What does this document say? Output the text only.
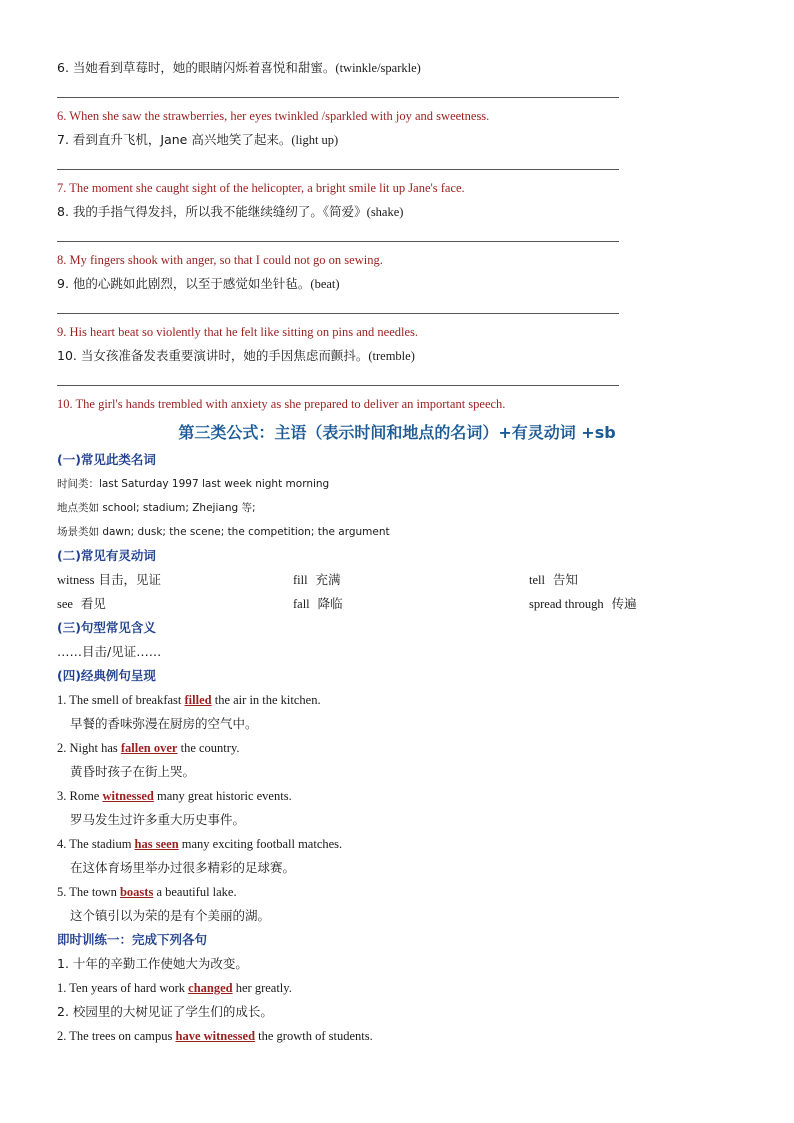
6. 当她看到草莓时，她的眼睛闪烁着喜悦和甜蜜。(twinkle/sparkle)
6. When she saw the strawberries, her eyes twinkled /sparkled with joy and sweetness.
7. 看到直升飞机，Jane 高兴地笑了起来。(light up)
7. The moment she caught sight of the helicopter, a bright smile lit up Jane's face.
8. 我的手指气得发抖，所以我不能继续缝纫了。《简爱》(shake)
8. My fingers shook with anger, so that I could not go on sewing.
9. 他的心跳如此剧烈，以至于感觉如坐针毡。(beat)
9. His heart beat so violently that he felt like sitting on pins and needles.
10. 当女孩准备发表重要演讲时，她的手因焦虑而颤抖。(tremble)
10. The girl's hands trembled with anxiety as she prepared to deliver an important speech.
第三类公式：主语（表示时间和地点的名词）+有灵动词 +sb
(一)常见此类名词
时间类：last Saturday 1997 last week night morning
地点类如 school; stadium; Zhejiang 等;
场景类如 dawn; dusk; the scene; the competition; the argument
(二)常见有灵动词
witness 目击，见证	fill 充满	tell 告知
see 看见	fall 降临	spread through 传遍
(三)句型常见含义
……目击/见证……
(四)经典例句呈现
1. The smell of breakfast filled the air in the kitchen.
早餐的香味弥漫在厨房的空气中。
2. Night has fallen over the country.
黄昏时孩子在街上哭。
3. Rome witnessed many great historic events.
罗马发生过许多重大历史事件。
4. The stadium has seen many exciting football matches.
在这体育场里举办过很多精彩的足球赛。
5. The town boasts a beautiful lake.
这个镇引以为荣的是有个美丽的湖。
即时训练一：完成下列各句
1. 十年的辛勤工作使她大为改变。
1. Ten years of hard work changed her greatly.
2. 校园里的大树见证了学生们的成长。
2. The trees on campus have witnessed the growth of students.
